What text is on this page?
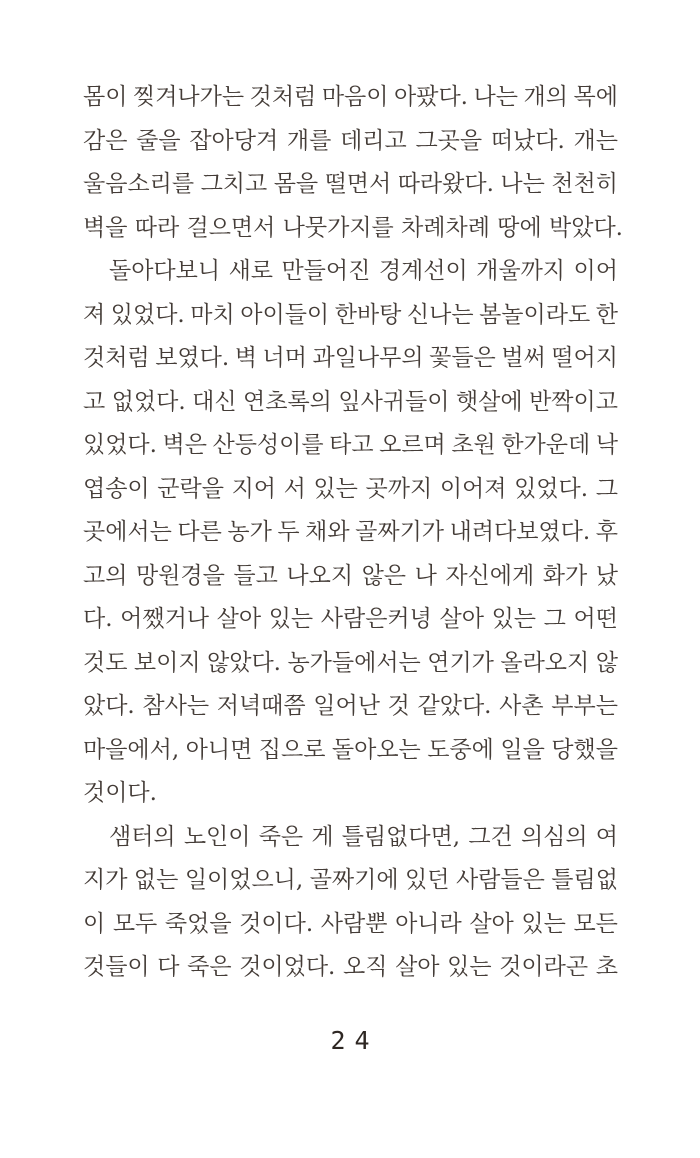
몸이 찢겨나가는 것처럼 마음이 아팠다. 나는 개의 목에
감은 줄을 잡아당겨 개를 데리고 그곳을 떠났다. 개는
울음소리를 그치고 몸을 떨면서 따라왔다. 나는 천천히
벽을 따라 걸으면서 나뭇가지를 차례차례 땅에 박았다.
돌아다보니 새로 만들어진 경계선이 개울까지 이어
져 있었다. 마치 아이들이 한바탕 신나는 봄놀이라도 한
것처럼 보였다. 벽 너머 과일나무의 꽃들은 벌써 떨어지
고 없었다. 대신 연초록의 잎사귀들이 햇살에 반짝이고
있었다. 벽은 산등성이를 타고 오르며 초원 한가운데 낙
엽송이 군락을 지어 서 있는 곳까지 이어져 있었다. 그
곳에서는 다른 농가 두 채와 골짜기가 내려다보였다. 후
고의 망원경을 들고 나오지 않은 나 자신에게 화가 났
다. 어쨌거나 살아 있는 사람은커녕 살아 있는 그 어떤
것도 보이지 않았다. 농가들에서는 연기가 올라오지 않
았다. 참사는 저녁때쯤 일어난 것 같았다. 사촌 부부는
마을에서, 아니면 집으로 돌아오는 도중에 일을 당했을
것이다.
샘터의 노인이 죽은 게 틀림없다면, 그건 의심의 여
지가 없는 일이었으니, 골짜기에 있던 사람들은 틀림없
이 모두 죽었을 것이다. 사람뿐 아니라 살아 있는 모든
것들이 다 죽은 것이었다. 오직 살아 있는 것이라곤 초
24
